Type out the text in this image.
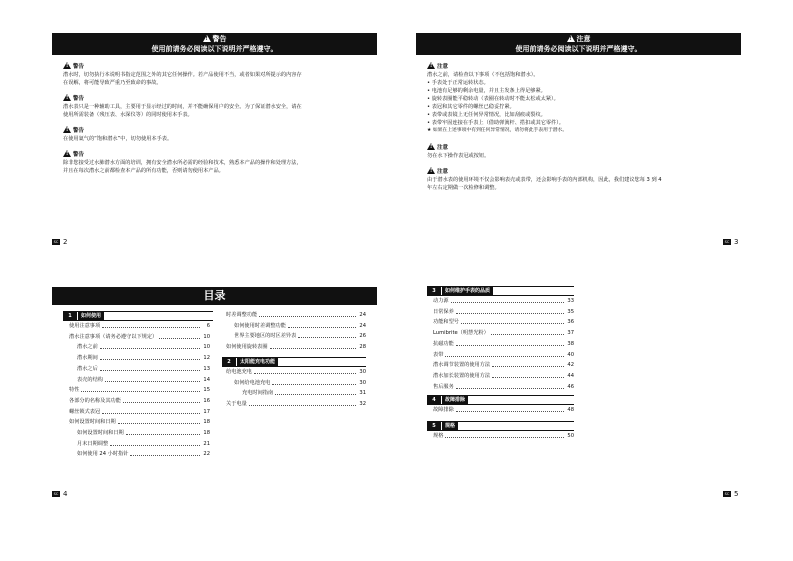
!警告
使用前请务必阅读以下说明并严格遵守。
!警告
潜水时，切勿执行本说明书指定范围之外的其它任何操作。若产品使用不当，或者如果对所提示的内容存
在误解，将可能导致严重乃至致命的事故。
!警告
潜水表只是一种辅助工具，主要用于显示经过的时间，并不能确保用户的安全。为了保证潜水安全，请在
使用所需装备（残压表、水深仪等）的同时使用本手表。
!警告
在使用氦气的“饱和潜水”中，切勿使用本手表。
!警告
除非您接受过水肺潜水方面的培训，拥有安全潜水所必需的经验和技术，熟悉本产品的操作和处理方法，
并且在每次潜水之前都检查本产品的所有功能，否则请勿使用本产品。
SC 2
!注意
使用前请务必阅读以下说明并严格遵守。
!注意
潜水之前，请检查以下事项（不包括饱和潜水）。
• 手表处于正常运转状态。
• 电池有足够的剩余电量，并且主发条上得足够紧。
• 旋转表圈能平稳转动（表圈在转动时不能太松或太紧）。
• 表冠和其它零件的螺丝已稳妥拧紧。
• 表带或表镜上无任何异常情况，比如刮痕或裂纹。
• 表带牢固连接在手表上（借助弹簧杆、搭扣或其它零件）。
★ 如果在上述事项中有到任何异常情况，请勿将此手表用于潜水。
!注意
勿在水下操作表冠或按钮。
!注意
由于潜水表的使用环境不仅会影响表壳或表带，还会影响手表的内部机构，因此，我们建议您每 3 到 4
年左右定期做一次检修和调整。
SC 3
目录
1	如何使用
使用注意事项	6
潜水注意事项（请务必遵守以下规定）	10
潜水之前	10
潜水期间	12
潜水之后	13
表壳的结构	14
特性	15
各部分的名称及其功能	16
螺丝锁式表冠	17
如何设置时间和日期	18
如何设置时间和日期	18
月末日期调整	21
如何使用 24 小时指针	22
时差调整功能	24
如何使用时差调整功能	24
世界主要地区的时区差异表	26
如何使用旋转表圈	28
2	太阳能充电功能
给电池充电	30
如何给电池充电	30
充电时间指南	31
关于电量	32
SC 4
3	如何维护手表的品质
动力源	33
日常保养	35
功能和型号	36
Lumibrite（明慧光粉）	37
抗磁功能	38
表带	40
潜水调节装置的使用方法	42
潜水加长装置的使用方法	44
售后服务	46
4	故障排除
故障排除	48
5	规格
规格	50
SC 5
